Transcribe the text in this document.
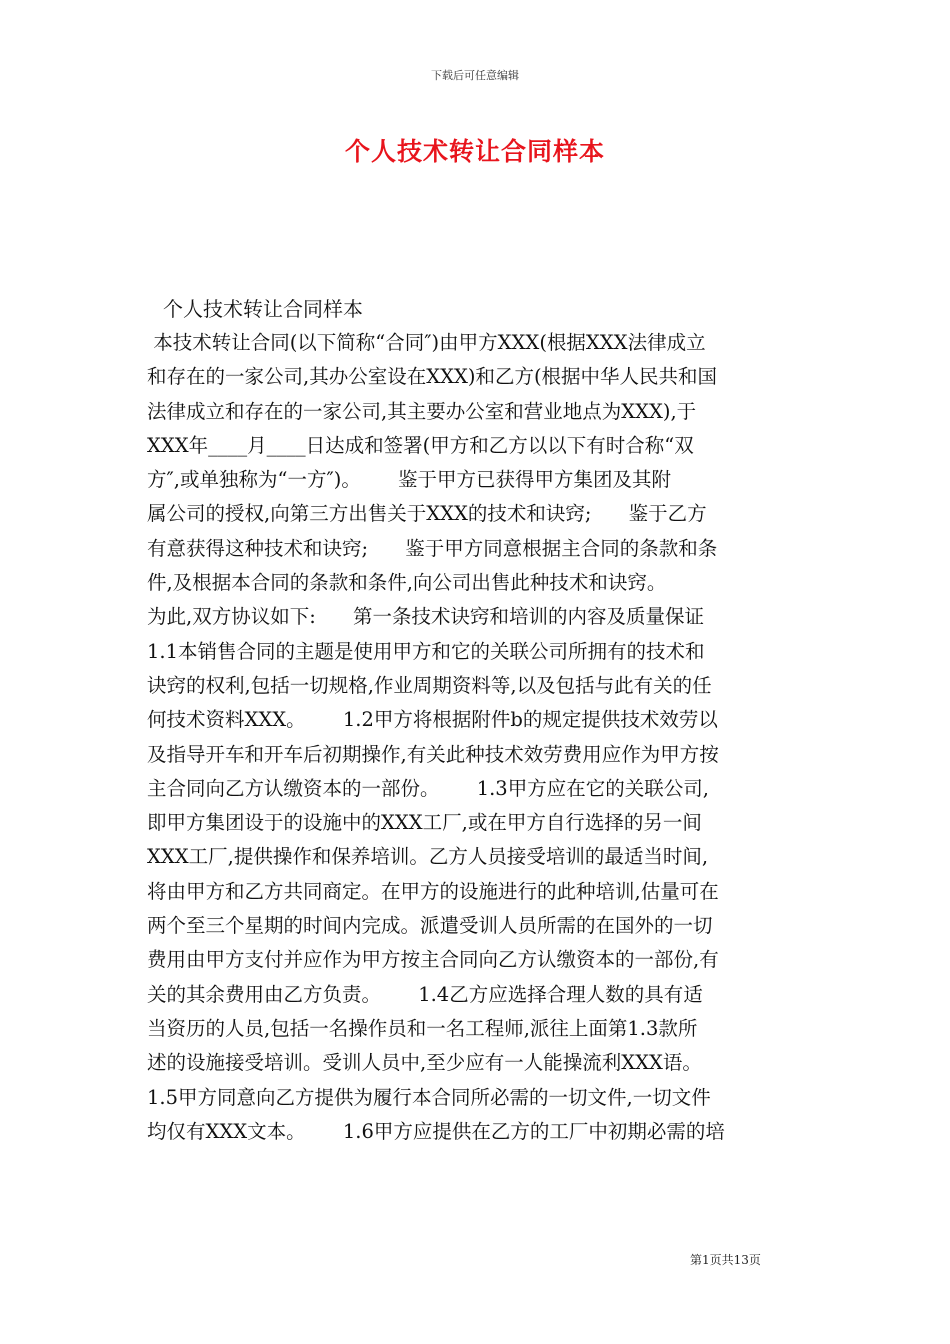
下载后可任意编辑
个人技术转让合同样本
个人技术转让合同样本
本技术转让合同(以下简称“合同″)由甲方XXX(根据XXX法律成立
和存在的一家公司,其办公室设在XXX)和乙方(根据中华人民共和国
法律成立和存在的一家公司,其主要办公室和营业地点为XXX),于
XXX年____月____日达成和签署(甲方和乙方以以下有时合称“双
方″,或单独称为“一方″)。      鉴于甲方已获得甲方集团及其附
属公司的授权,向第三方出售关于XXX的技术和诀窍;      鉴于乙方
有意获得这种技术和诀窍;      鉴于甲方同意根据主合同的条款和条
件,及根据本合同的条款和条件,向公司出售此种技术和诀窍。
为此,双方协议如下:      第一条技术诀窍和培训的内容及质量保证
1.1本销售合同的主题是使用甲方和它的关联公司所拥有的技术和
诀窍的权利,包括一切规格,作业周期资料等,以及包括与此有关的任
何技术资料XXX。      1.2甲方将根据附件b的规定提供技术效劳以
及指导开车和开车后初期操作,有关此种技术效劳费用应作为甲方按
主合同向乙方认缴资本的一部份。      1.3甲方应在它的关联公司,
即甲方集团设于的设施中的XXX工厂,或在甲方自行选择的另一间
XXX工厂,提供操作和保养培训。乙方人员接受培训的最适当时间,
将由甲方和乙方共同商定。在甲方的设施进行的此种培训,估量可在
两个至三个星期的时间内完成。派遣受训人员所需的在国外的一切
费用由甲方支付并应作为甲方按主合同向乙方认缴资本的一部份,有
关的其余费用由乙方负责。      1.4乙方应选择合理人数的具有适
当资历的人员,包括一名操作员和一名工程师,派往上面第1.3款所
述的设施接受培训。受训人员中,至少应有一人能操流利XXX语。
1.5甲方同意向乙方提供为履行本合同所必需的一切文件,一切文件
均仅有XXX文本。      1.6甲方应提供在乙方的工厂中初期必需的培
第1页共13页
